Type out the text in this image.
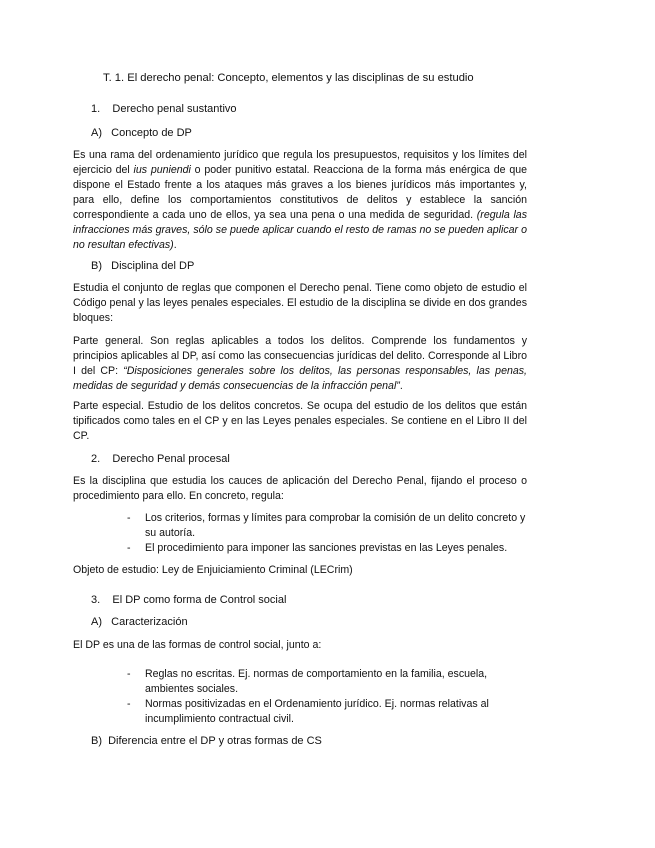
T. 1. El derecho penal: Concepto, elementos y las disciplinas de su estudio

1.    Derecho penal sustantivo

A)   Concepto de DP

Es una rama del ordenamiento jurídico que regula los presupuestos, requisitos y los límites del ejercicio del ius puniendi o poder punitivo estatal. Reacciona de la forma más enérgica de que dispone el Estado frente a los ataques más graves a los bienes jurídicos más importantes y, para ello, define los comportamientos constitutivos de delitos y establece la sanción correspondiente a cada uno de ellos, ya sea una pena o una medida de seguridad. (regula las infracciones más graves, sólo se puede aplicar cuando el resto de ramas no se pueden aplicar o no resultan efectivas).

B)   Disciplina del DP

Estudia el conjunto de reglas que componen el Derecho penal. Tiene como objeto de estudio el Código penal y las leyes penales especiales. El estudio de la disciplina se divide en dos grandes bloques:

Parte general. Son reglas aplicables a todos los delitos. Comprende los fundamentos y principios aplicables al DP, así como las consecuencias jurídicas del delito. Corresponde al Libro I del CP: “Disposiciones generales sobre los delitos, las personas responsables, las penas, medidas de seguridad y demás consecuencias de la infracción penal”.

Parte especial. Estudio de los delitos concretos. Se ocupa del estudio de los delitos que están tipificados como tales en el CP y en las Leyes penales especiales. Se contiene en el Libro II del CP.

2.    Derecho Penal procesal

Es la disciplina que estudia los cauces de aplicación del Derecho Penal, fijando el proceso o procedimiento para ello. En concreto, regula:

- Los criterios, formas y límites para comprobar la comisión de un delito concreto y su autoría.
- El procedimiento para imponer las sanciones previstas en las Leyes penales.

Objeto de estudio: Ley de Enjuiciamiento Criminal (LECrim)

3.    El DP como forma de Control social

A)   Caracterización

El DP es una de las formas de control social, junto a:

- Reglas no escritas. Ej. normas de comportamiento en la familia, escuela, ambientes sociales.
- Normas positivizadas en el Ordenamiento jurídico. Ej. normas relativas al incumplimiento contractual civil.

B)  Diferencia entre el DP y otras formas de CS
